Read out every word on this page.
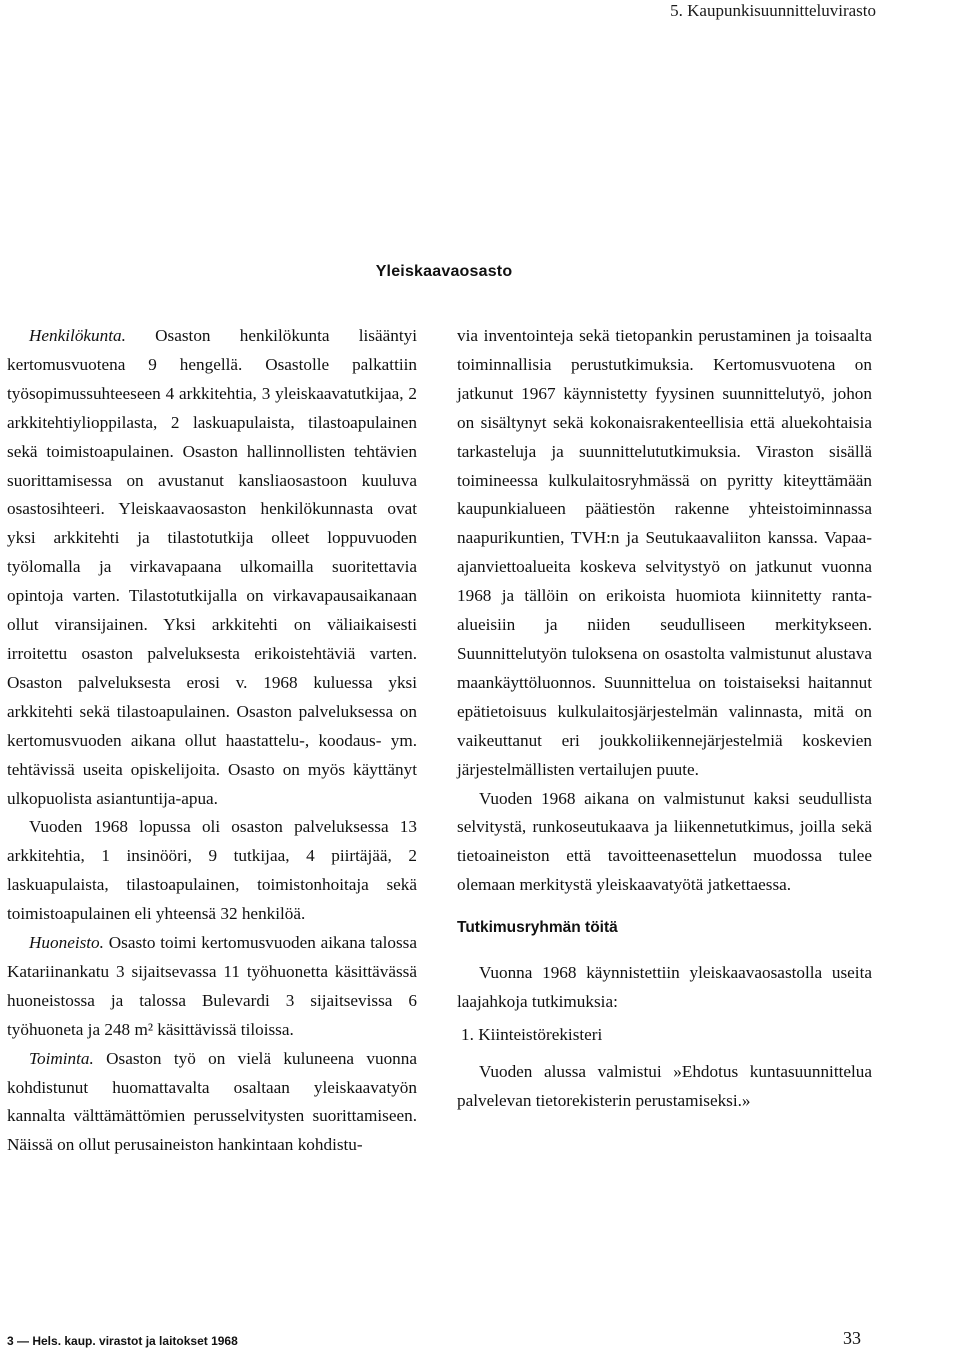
5. Kaupunkisuunnitteluvirasto
Yleiskaavaosasto

Henkilökunta. Osaston henkilökunta lisääntyi kertomusvuotena 9 hengellä. Osastolle palkattiin työsopimussuhteeseen 4 arkkitehtia, 3 yleiskaavatutkijaa, 2 arkkitehtiylioppilasta, 2 laskuapulaista, tilastoapulainen sekä toimistoapulainen. Osaston hallinnollisten tehtävien suorittamisessa on avustanut kansliaosastoon kuuluva osastosihteeri. Yleiskaavaosaston henkilökunnasta ovat yksi arkkitehti ja tilastotutkija olleet loppuvuoden työlomalla ja virkavapaana ulkomailla suoritettavia opintoja varten. Tilastotutkijalla on virkavapausaikanaan ollut viransijainen. Yksi arkkitehti on väliaikaisesti irroitettu osaston palveluksesta erikoistehtäviä varten. Osaston palveluksesta erosi v. 1968 kuluessa yksi arkkitehti sekä tilastoapulainen. Osaston palveluksessa on kertomusvuoden aikana ollut haastattelu-, koodaus- ym. tehtävissä useita opiskelijoita. Osasto on myös käyttänyt ulkopuolista asiantuntija-apua.

Vuoden 1968 lopussa oli osaston palveluksessa 13 arkkitehtia, 1 insinööri, 9 tutkijaa, 4 piirtäjää, 2 laskuapulaista, tilastoapulainen, toimistonhoitaja sekä toimistoapulainen eli yhteensä 32 henkilöä.

Huoneisto. Osasto toimi kertomusvuoden aikana talossa Katariinankatu 3 sijaitsevassa 11 työhuonetta käsittävässä huoneistossa ja talossa Bulevardi 3 sijaitsevissa 6 työhuoneta ja 248 m² käsittävissä tiloissa.

Toiminta. Osaston työ on vielä kuluneena vuonna kohdistunut huomattavalta osaltaan yleiskaavatyön kannalta välttämättömien perusselvitysten suorittamiseen. Näissä on ollut perusaineiston hankintaan kohdistu-

via inventointeja sekä tietopankin perustaminen ja toisaalta toiminnallisia perustutkimuksia. Kertomusvuotena on jatkunut 1967 käynnistetty fyysinen suunnittelutyö, johon on sisältynyt sekä kokonaisrakenteellisia että aluekohtaisia tarkasteluja ja suunnittelututkimuksia. Viraston sisällä toimineessa kulkulaitosryhmässä on pyritty kiteyttämään kaupunkialueen päätiestön rakenne yhteistoiminnassa naapurikuntien, TVH:n ja Seutukaavaliiton kanssa. Vapaa-ajanviettoalueita koskeva selvitystyö on jatkunut vuonna 1968 ja tällöin on erikoista huomiota kiinnitetty ranta-alueisiin ja niiden seudulliseen merkitykseen. Suunnittelutyön tuloksena on osastolta valmistunut alustava maankäyttöluonnos. Suunnittelua on toistaiseksi haitannut epätietoisuus kulkulaitosjärjestelmän valinnasta, mitä on vaikeuttanut eri joukkoliikennejärjestelmiä koskevien järjestelmällisten vertailujen puute.

Vuoden 1968 aikana on valmistunut kaksi seudullista selvitystä, runkoseutukaava ja liikennetutkimus, joilla sekä tietoaineiston että tavoitteenasettelun muodossa tulee olemaan merkitystä yleiskaavatyötä jatkettaessa.

Tutkimusryhmän töitä

Vuonna 1968 käynnistettiin yleiskaavaosastolla useita laajahkoja tutkimuksia:

1. Kiinteistörekisteri

Vuoden alussa valmistui »Ehdotus kuntasuunnittelua palvelevan tietorekisterin perustamiseksi.»

3 — Hels. kaup. virastot ja laitokset 1968	33
